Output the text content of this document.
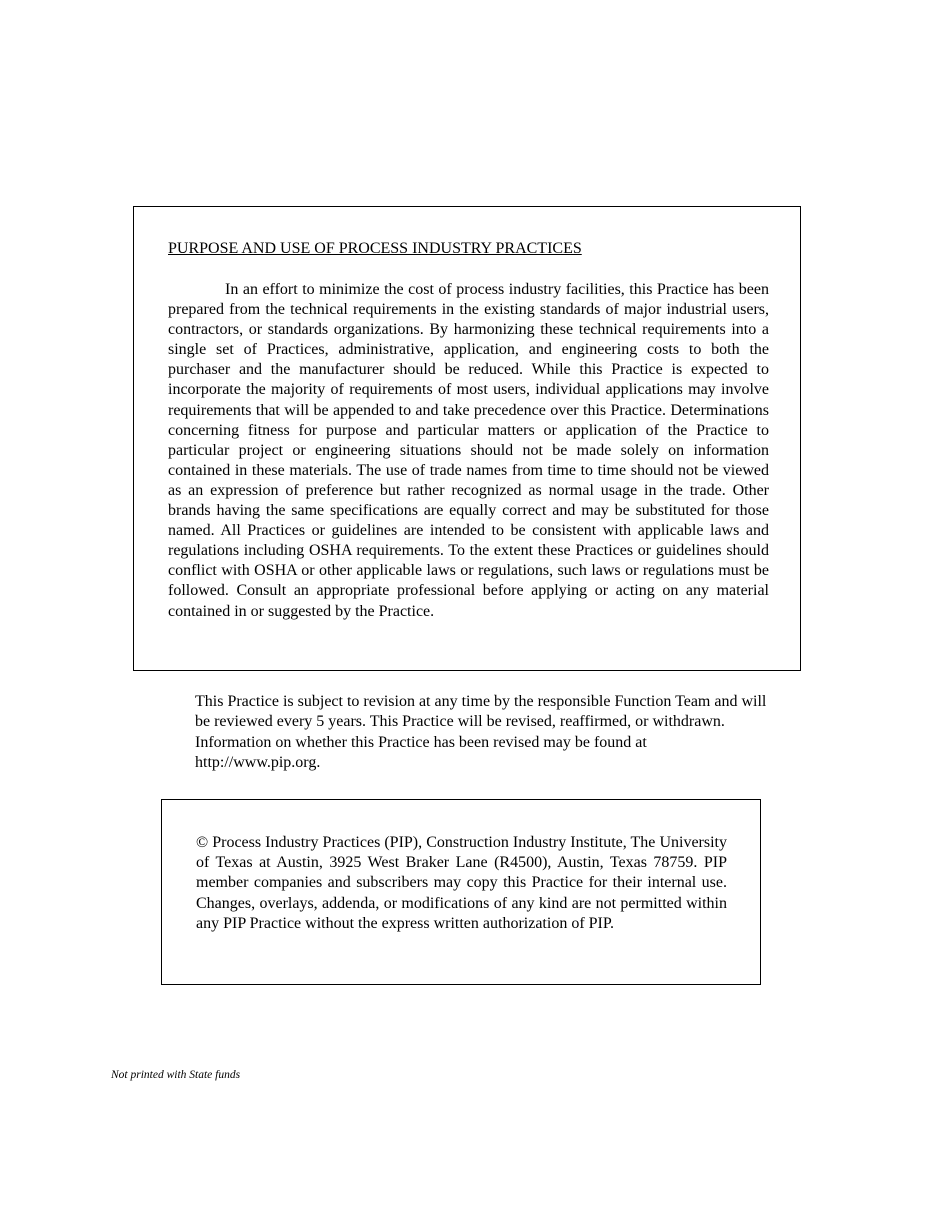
PURPOSE AND USE OF PROCESS INDUSTRY PRACTICES

In an effort to minimize the cost of process industry facilities, this Practice has been prepared from the technical requirements in the existing standards of major industrial users, contractors, or standards organizations. By harmonizing these technical requirements into a single set of Practices, administrative, application, and engineering costs to both the purchaser and the manufacturer should be reduced. While this Practice is expected to incorporate the majority of requirements of most users, individual applications may involve requirements that will be appended to and take precedence over this Practice. Determinations concerning fitness for purpose and particular matters or application of the Practice to particular project or engineering situations should not be made solely on information contained in these materials. The use of trade names from time to time should not be viewed as an expression of preference but rather recognized as normal usage in the trade. Other brands having the same specifications are equally correct and may be substituted for those named. All Practices or guidelines are intended to be consistent with applicable laws and regulations including OSHA requirements. To the extent these Practices or guidelines should conflict with OSHA or other applicable laws or regulations, such laws or regulations must be followed. Consult an appropriate professional before applying or acting on any material contained in or suggested by the Practice.

This Practice is subject to revision at any time by the responsible Function Team and will be reviewed every 5 years. This Practice will be revised, reaffirmed, or withdrawn. Information on whether this Practice has been revised may be found at http://www.pip.org.

© Process Industry Practices (PIP), Construction Industry Institute, The University of Texas at Austin, 3925 West Braker Lane (R4500), Austin, Texas 78759. PIP member companies and subscribers may copy this Practice for their internal use. Changes, overlays, addenda, or modifications of any kind are not permitted within any PIP Practice without the express written authorization of PIP.

Not printed with State funds
